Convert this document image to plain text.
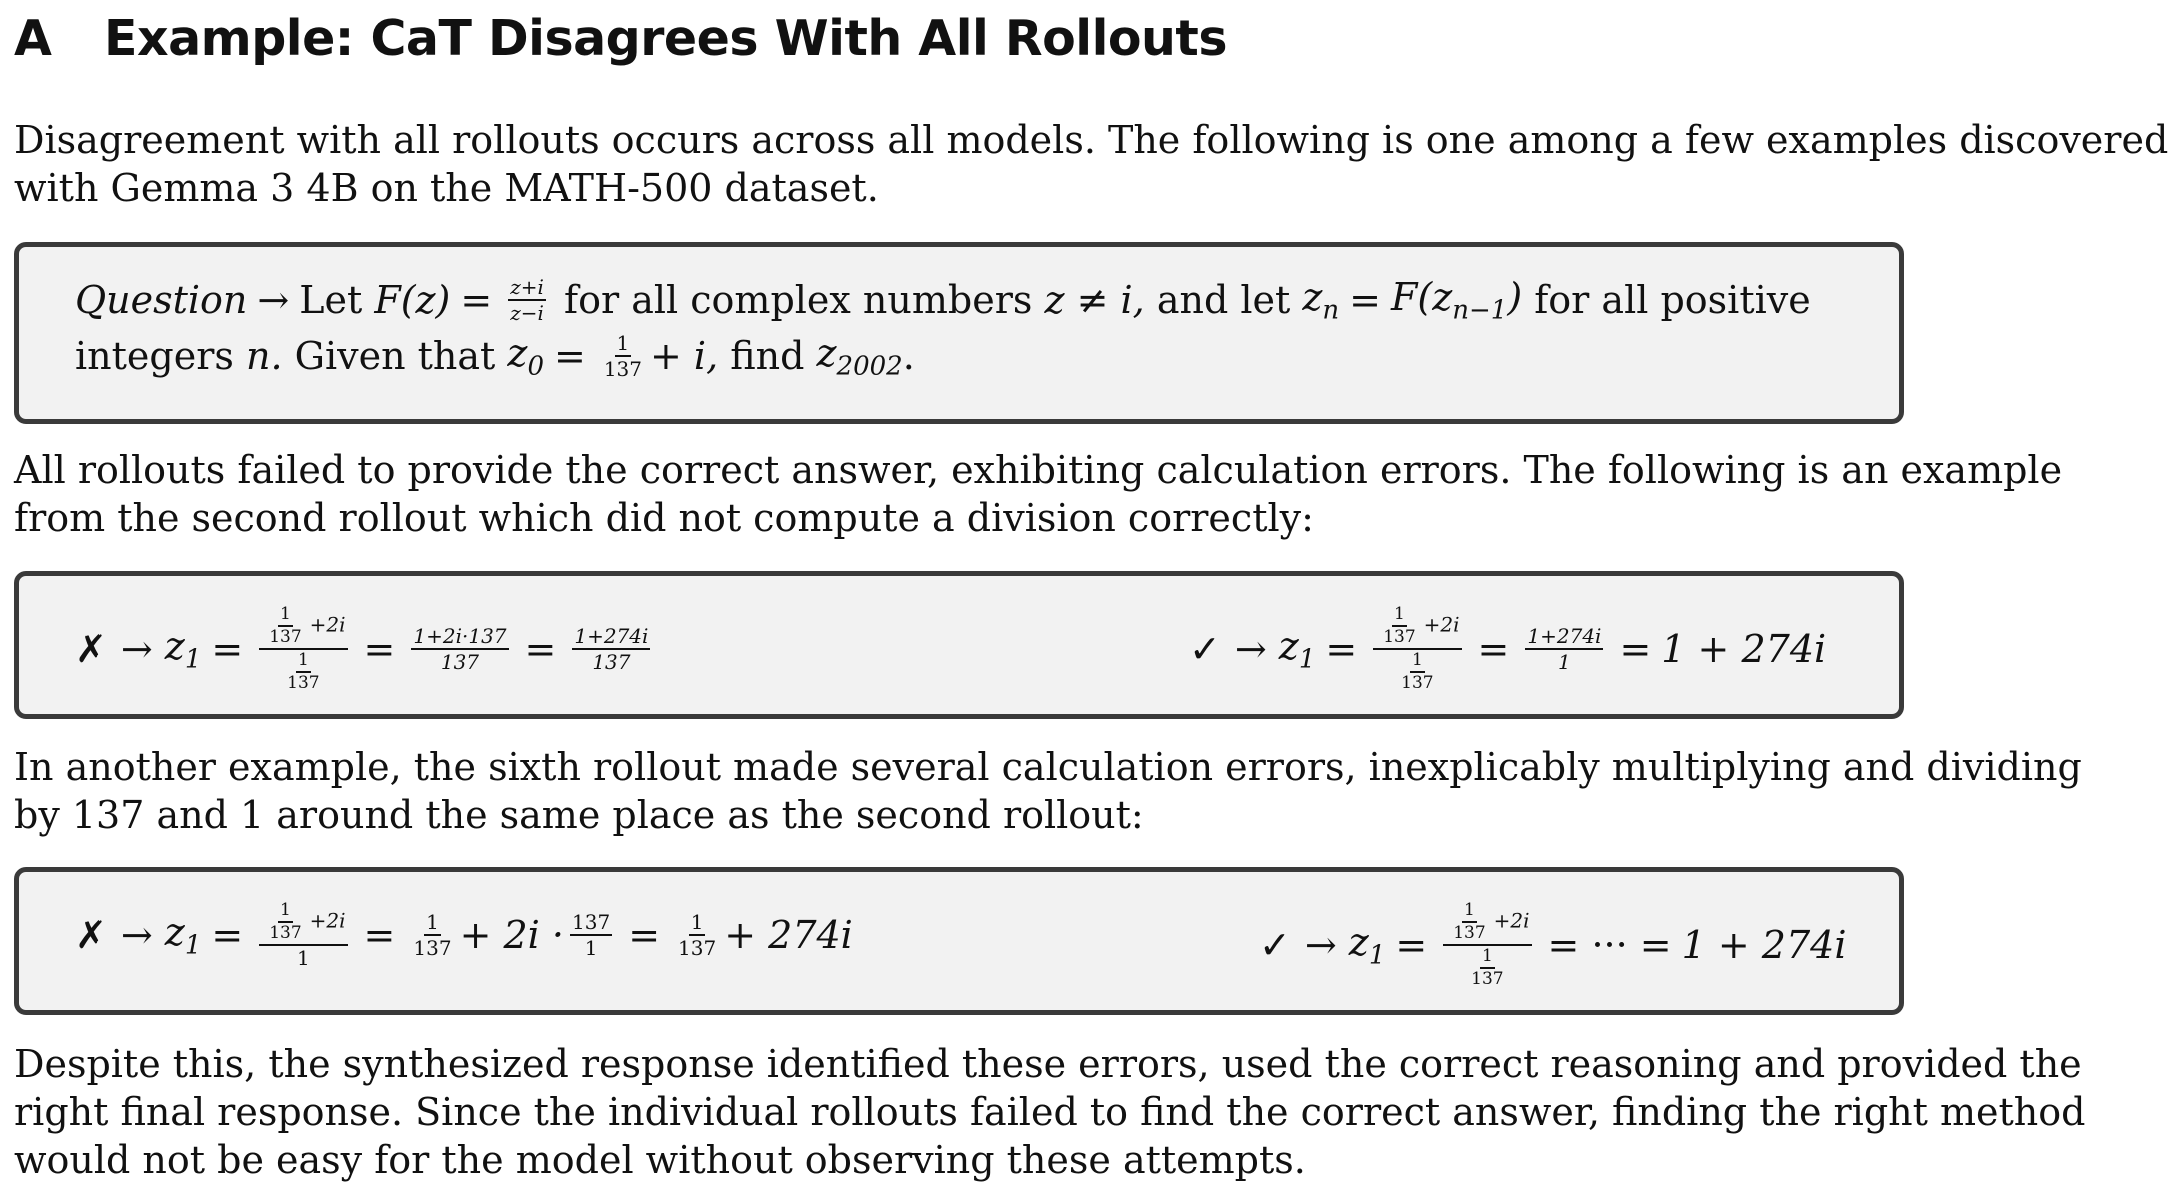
A Example: CaT Disagrees With All Rollouts
Disagreement with all rollouts occurs across all models. The following is one among a few examples discovered
with Gemma 3 4B on the MATH-500 dataset.
Question → Let
$F(z) = \frac{z+i}{z-i}$
for all complex numbers
z ≠ i,
and let
$z_n = F(z_{n-1})$
for all positive
integers
n.
Given that
$z_0 = \frac{1}{137} + i$,
find
$z_{2002}$ .
All rollouts failed to provide the correct answer, exhibiting calculation errors. The following is an example
from the second rollout which did not compute a division correctly:
✗ →
$z_1 = \frac{\frac{1}{137} +2i}{\frac{1}{137}} = \frac{1+2i\cdot 137}{137} = \frac{1+274i}{137}$	✓ →
$z_1 = \frac{\frac{1}{137} +2i}{\frac{1}{137}} = \frac{1+274i}{1} = 1 + 274i$
In another example, the sixth rollout made several calculation errors, inexplicably multiplying and dividing
by 137 and 1 around the same place as the second rollout:
✗ →
$z_1 = \frac{\frac{1}{137} +2i}{1} = \frac{1}{137} + 2i \cdot \frac{137}{1} = \frac{1}{137} + 274i$	✓ →
$z_1 = \frac{\frac{1}{137} +2i}{\frac{1}{137}}$ = ··· = 1 + 274i
Despite this, the synthesized response identified these errors, used the correct reasoning and provided the
right final response. Since the individual rollouts failed to find the correct answer, finding the right method
would not be easy for the model without observing these attempts.
